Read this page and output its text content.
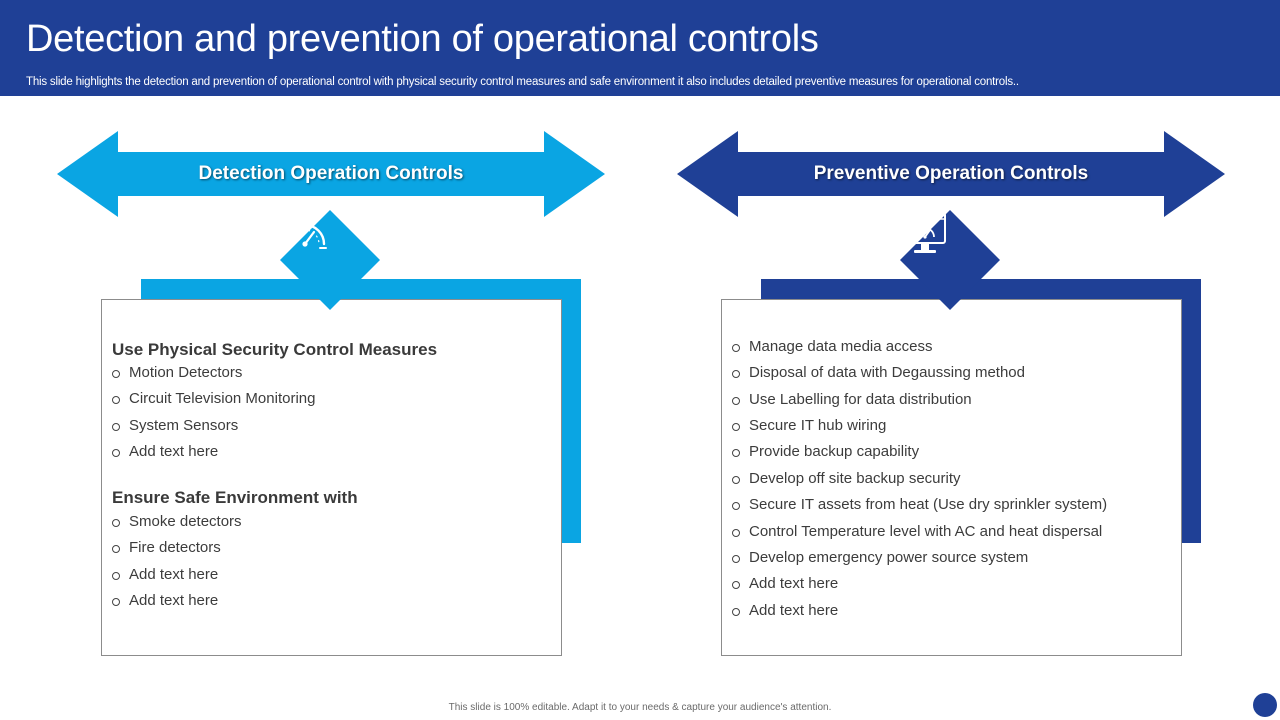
Detection and prevention of operational controls
This slide highlights the detection and prevention of operational control with physical security control measures and safe environment it also includes detailed preventive measures for operational controls..
Detection Operation Controls
Use Physical Security Control Measures
Motion Detectors
Circuit Television Monitoring
System Sensors
Add text here
Ensure Safe Environment with
Smoke detectors
Fire detectors
Add text here
Add text here
Preventive Operation Controls
Manage data media access
Disposal of data with Degaussing method
Use Labelling for data distribution
Secure IT hub wiring
Provide backup capability
Develop off site backup security
Secure IT assets from heat (Use dry sprinkler system)
Control Temperature level with AC and heat dispersal
Develop emergency power source system
Add text here
Add text here
This slide is 100% editable. Adapt it to your needs & capture your audience's attention.
